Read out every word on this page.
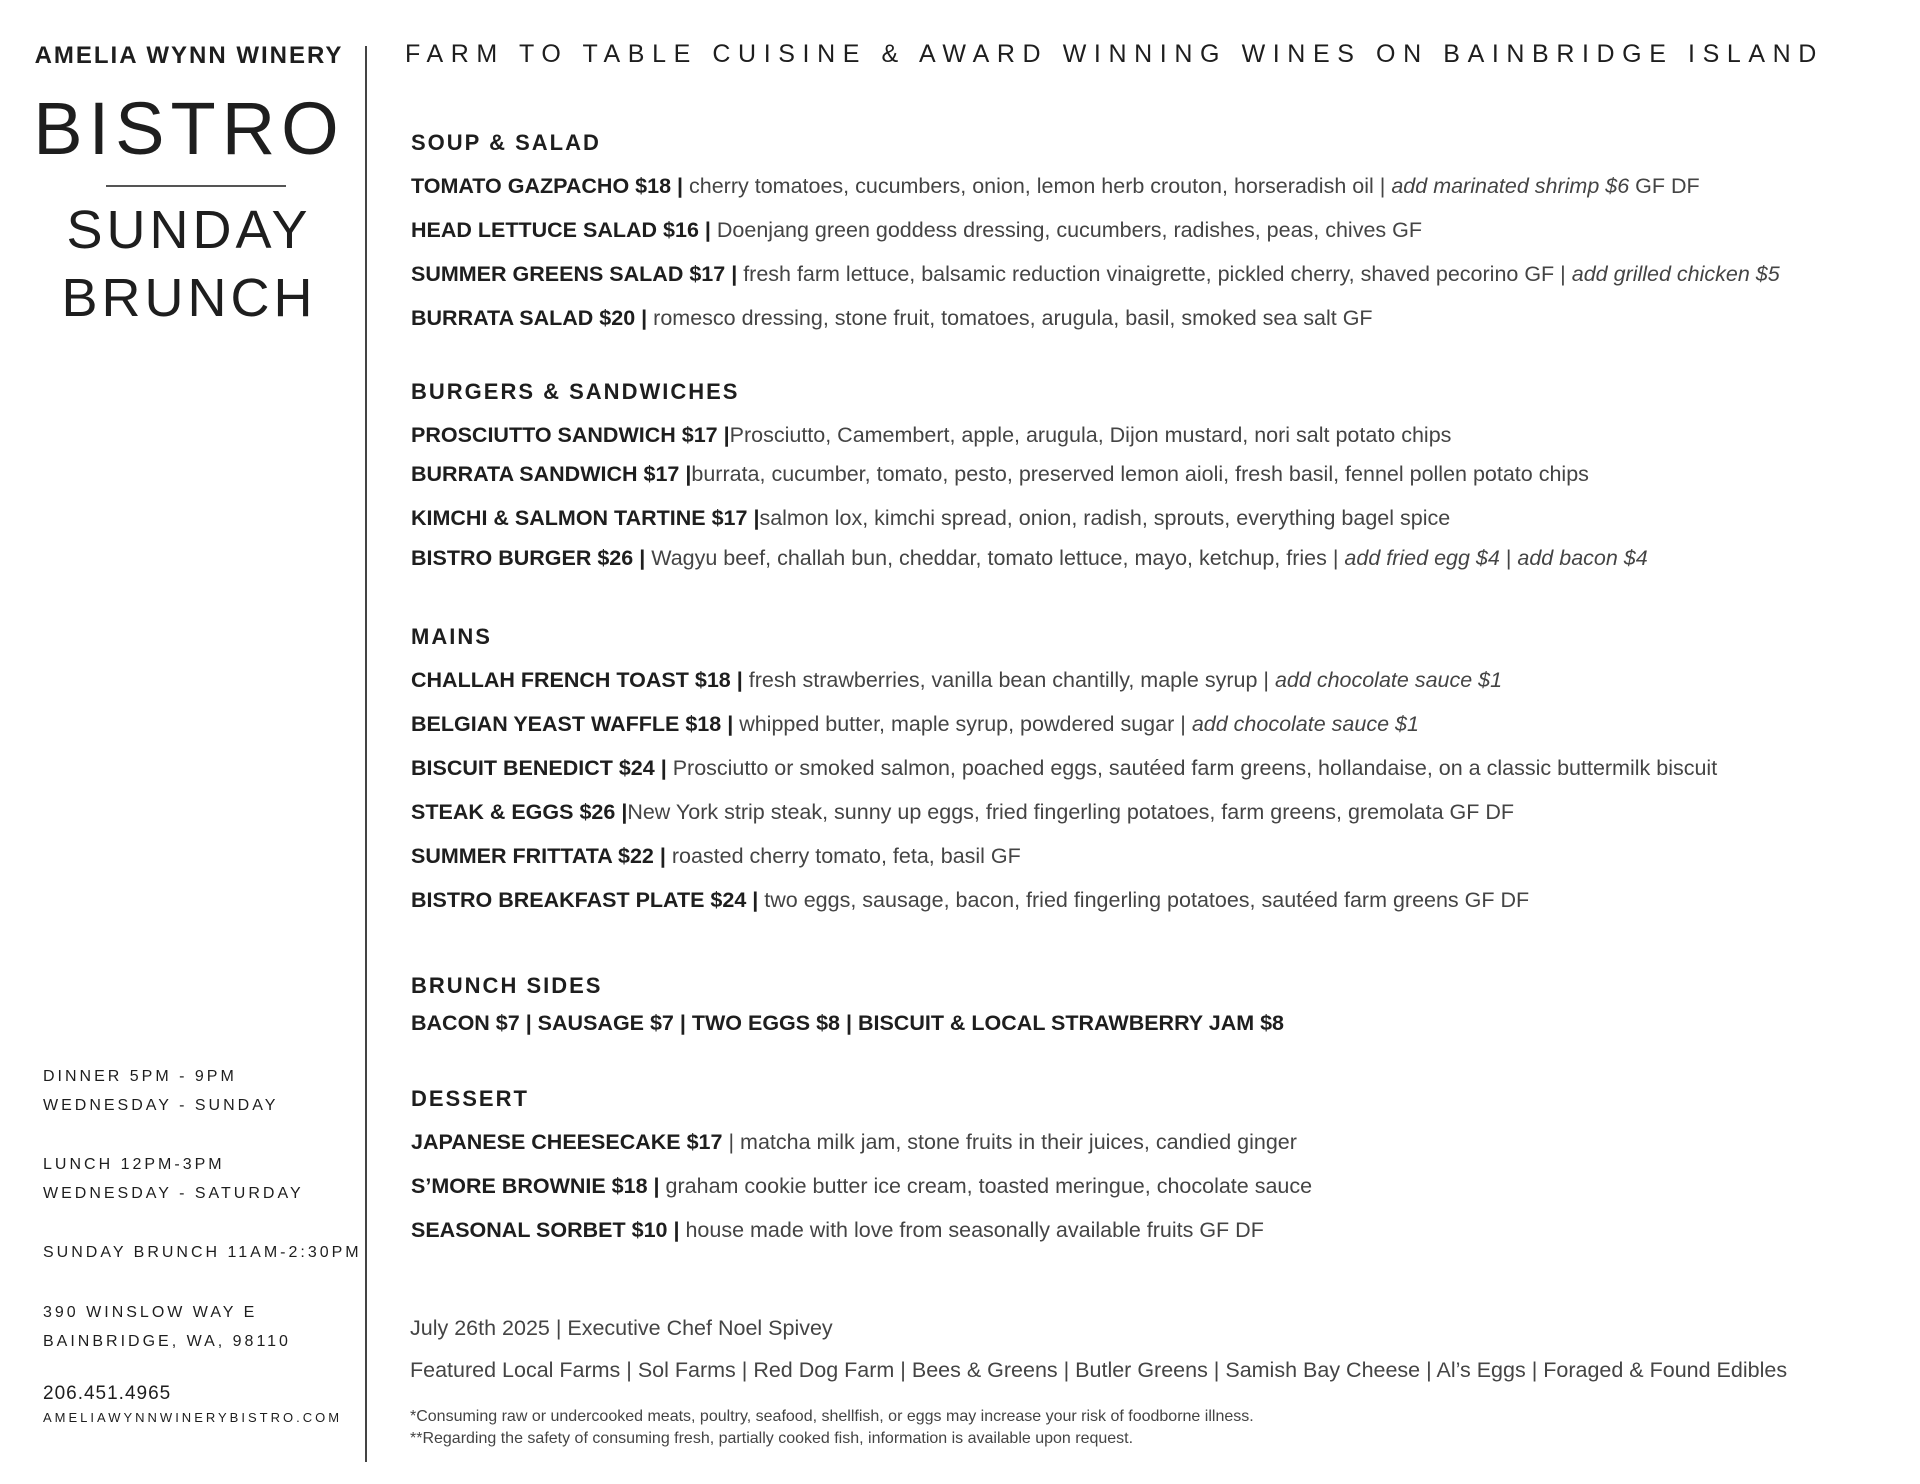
AMELIA WYNN WINERY
BISTRO
SUNDAY
BRUNCH
DINNER 5PM - 9PM
WEDNESDAY - SUNDAY
LUNCH 12PM-3PM
WEDNESDAY - SATURDAY
SUNDAY BRUNCH 11AM-2:30PM
390 WINSLOW WAY E
BAINBRIDGE, WA, 98110
206.451.4965
AMELIAWYNNWINERYBISTRO.COM
FARM TO TABLE CUISINE & AWARD WINNING WINES ON BAINBRIDGE ISLAND
SOUP & SALAD
TOMATO GAZPACHO $18 | cherry tomatoes, cucumbers, onion, lemon herb crouton, horseradish oil | add marinated shrimp $6 GF DF
HEAD LETTUCE SALAD $16 | Doenjang green goddess dressing, cucumbers, radishes, peas, chives GF
SUMMER GREENS SALAD $17 | fresh farm lettuce, balsamic reduction vinaigrette, pickled cherry, shaved pecorino GF | add grilled chicken $5
BURRATA SALAD $20 | romesco dressing, stone fruit, tomatoes, arugula, basil, smoked sea salt GF
BURGERS & SANDWICHES
PROSCIUTTO SANDWICH $17 |Prosciutto, Camembert, apple, arugula, Dijon mustard, nori salt potato chips
BURRATA SANDWICH $17 |burrata, cucumber, tomato, pesto, preserved lemon aioli, fresh basil, fennel pollen potato chips
KIMCHI & SALMON TARTINE $17 |salmon lox, kimchi spread, onion, radish, sprouts, everything bagel spice
BISTRO BURGER $26 | Wagyu beef, challah bun, cheddar, tomato lettuce, mayo, ketchup, fries | add fried egg $4 | add bacon $4
MAINS
CHALLAH FRENCH TOAST $18 | fresh strawberries, vanilla bean chantilly, maple syrup | add chocolate sauce $1
BELGIAN YEAST WAFFLE $18 | whipped butter, maple syrup, powdered sugar | add chocolate sauce $1
BISCUIT BENEDICT $24 | Prosciutto or smoked salmon, poached eggs, sautéed farm greens, hollandaise, on a classic buttermilk biscuit
STEAK & EGGS $26 |New York strip steak, sunny up eggs, fried fingerling potatoes, farm greens, gremolata GF DF
SUMMER FRITTATA $22 | roasted cherry tomato, feta, basil GF
BISTRO BREAKFAST PLATE $24 | two eggs, sausage, bacon, fried fingerling potatoes, sautéed farm greens GF DF
BRUNCH SIDES
BACON $7 | SAUSAGE $7 | TWO EGGS $8 | BISCUIT & LOCAL STRAWBERRY JAM $8
DESSERT
JAPANESE CHEESECAKE $17 | matcha milk jam, stone fruits in their juices, candied ginger
S’MORE BROWNIE $18 | graham cookie butter ice cream, toasted meringue, chocolate sauce
SEASONAL SORBET $10 | house made with love from seasonally available fruits GF DF
July 26th 2025 | Executive Chef Noel Spivey
Featured Local Farms | Sol Farms | Red Dog Farm | Bees & Greens | Butler Greens | Samish Bay Cheese | Al’s Eggs | Foraged & Found Edibles
*Consuming raw or undercooked meats, poultry, seafood, shellfish, or eggs may increase your risk of foodborne illness.
**Regarding the safety of consuming fresh, partially cooked fish, information is available upon request.
